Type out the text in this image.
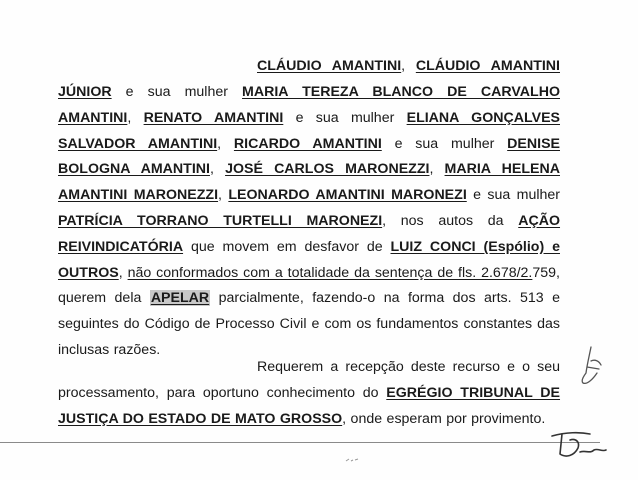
CLÁUDIO AMANTINI, CLÁUDIO AMANTINI JÚNIOR e sua mulher MARIA TEREZA BLANCO DE CARVALHO AMANTINI, RENATO AMANTINI e sua mulher ELIANA GONÇALVES SALVADOR AMANTINI, RICARDO AMANTINI e sua mulher DENISE BOLOGNA AMANTINI, JOSÉ CARLOS MARONEZZI, MARIA HELENA AMANTINI MARONEZZI, LEONARDO AMANTINI MARONEZI e sua mulher PATRÍCIA TORRANO TURTELLI MARONEZI, nos autos da AÇÃO REIVINDICATÓRIA que movem em desfavor de LUIZ CONCI (Espólio) e OUTROS, não conformados com a totalidade da sentença de fls. 2.678/2.759, querem dela APELAR parcialmente, fazendo-o na forma dos arts. 513 e seguintes do Código de Processo Civil e com os fundamentos constantes das inclusas razões.

Requerem a recepção deste recurso e o seu processamento, para oportuno conhecimento do EGRÉGIO TRIBUNAL DE JUSTIÇA DO ESTADO DE MATO GROSSO, onde esperam por provimento.
